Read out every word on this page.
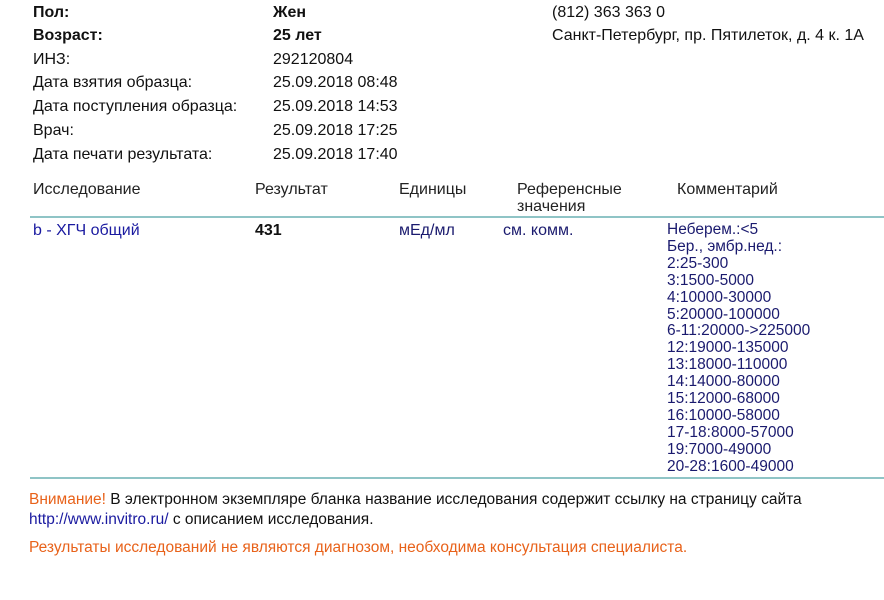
Пол:	Жен	(812) 363 363 0
Возраст:	25 лет	Санкт-Петербург, пр. Пятилеток, д. 4 к. 1А
ИНЗ:	292120804
Дата взятия образца:	25.09.2018 08:48
Дата поступления образца: 25.09.2018 14:53
Врач:	25.09.2018 17:25
Дата печати результата:	25.09.2018 17:40
Исследование	Результат	Единицы	Референсные
значения
Комментарий
b - ХГЧ общий	431	мЕд/мл	см. комм.	Неберем.:<5
Бер., эмбр.нед.:
2:25-300
3:1500-5000
4:10000-30000
5:20000-100000
6-11:20000->225000
12:19000-135000
13:18000-110000
14:14000-80000
15:12000-68000
16:10000-58000
17-18:8000-57000
19:7000-49000
20-28:1600-49000
Внимание! В электронном экземпляре бланка название исследования содержит ссылку на страницу сайта
http://www.invitro.ru/ с описанием исследования.
Результаты исследований не являются диагнозом, необходима консультация специалиста.
